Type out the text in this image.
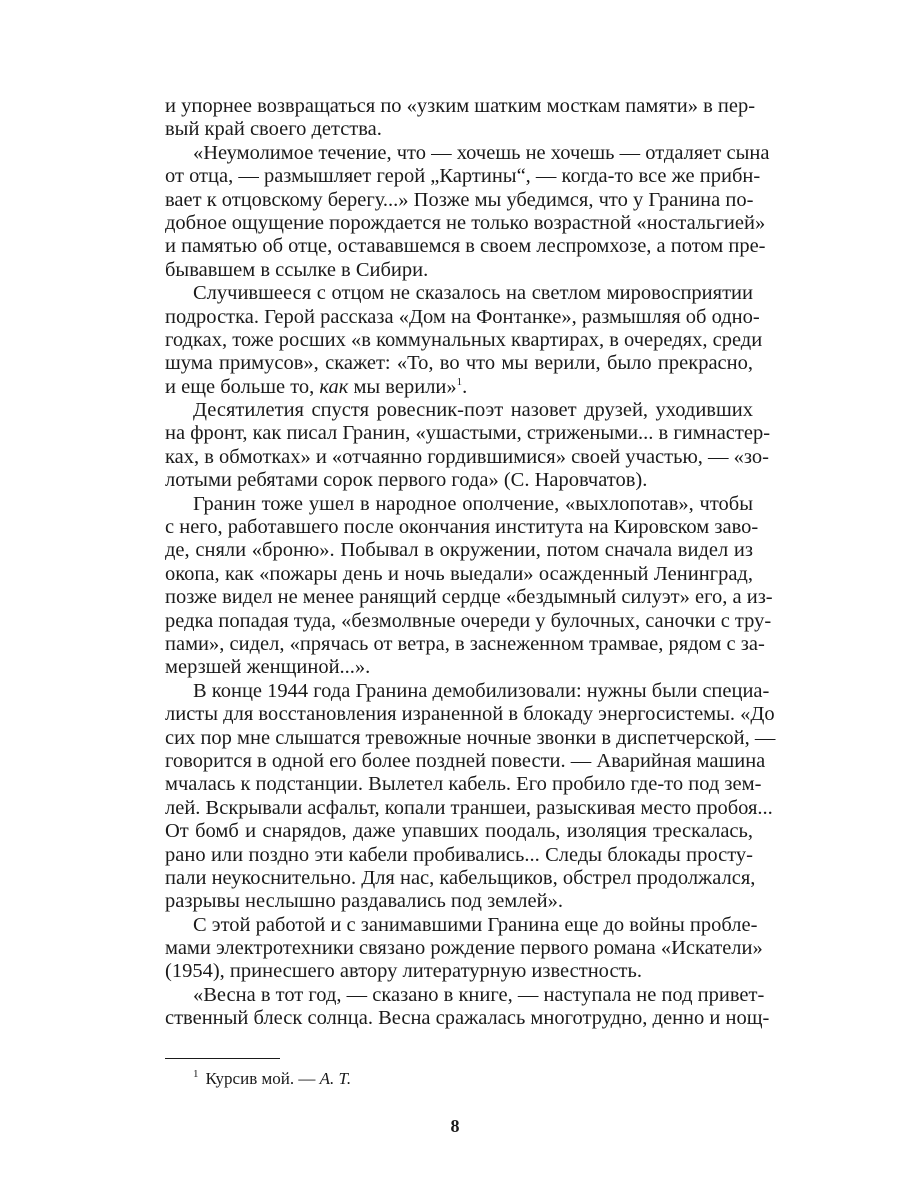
и упорнее возвращаться по «узким шатким мосткам памяти» в пер-
вый край своего детства.
«Неумолимое течение, что — хочешь не хочешь — отдаляет сына
от отца, — размышляет герой „Картины“, — когда-то все же прибн-
вает к отцовскому берегу...» Позже мы убедимся, что у Гранина по-
добное ощущение порождается не только возрастной «ностальгией»
и памятью об отце, остававшемся в своем леспромхозе, а потом пре-
бывавшем в ссылке в Сибири.
Случившееся с отцом не сказалось на светлом мировосприятии
подростка. Герой рассказа «Дом на Фонтанке», размышляя об одно-
годках, тоже росших «в коммунальных квартирах, в очередях, среди
шума примусов», скажет: «То, во что мы верили, было прекрасно,
и еще больше то, как мы верили»$^1$.
Десятилетия спустя ровесник-поэт назовет друзей, уходивших
на фронт, как писал Гранин, «ушастыми, стрижеными... в гимнастер-
ках, в обмотках» и «отчаянно гордившимися» своей участью, — «зо-
лотыми ребятами сорок первого года» (С. Наровчатов).
Гранин тоже ушел в народное ополчение, «выхлопотав», чтобы
с него, работавшего после окончания института на Кировском заво-
де, сняли «броню». Побывал в окружении, потом сначала видел из
окопа, как «пожары день и ночь выедали» осажденный Ленинград,
позже видел не менее ранящий сердце «бездымный силуэт» его, а из-
редка попадая туда, «безмолвные очереди у булочных, саночки с тру-
пами», сидел, «прячась от ветра, в заснеженном трамвае, рядом с за-
мерзшей женщиной...».
В конце 1944 года Гранина демобилизовали: нужны были специа-
листы для восстановления израненной в блокаду энергосистемы. «До
сих пор мне слышатся тревожные ночные звонки в диспетчерской, —
говорится в одной его более поздней повести. — Аварийная машина
мчалась к подстанции. Вылетел кабель. Его пробило где-то под зем-
лей. Вскрывали асфальт, копали траншеи, разыскивая место пробоя...
От бомб и снарядов, даже упавших поодаль, изоляция трескалась,
рано или поздно эти кабели пробивались... Следы блокады просту-
пали неукоснительно. Для нас, кабельщиков, обстрел продолжался,
разрывы неслышно раздавались под землей».
С этой работой и с занимавшими Гранина еще до войны пробле-
мами электротехники связано рождение первого романа «Искатели»
(1954), принесшего автору литературную известность.
«Весна в тот год, — сказано в книге, — наступала не под привет-
ственный блеск солнца. Весна сражалась многотрудно, денно и нощ-
$^1$ Курсив мой. — А. Т.
8
